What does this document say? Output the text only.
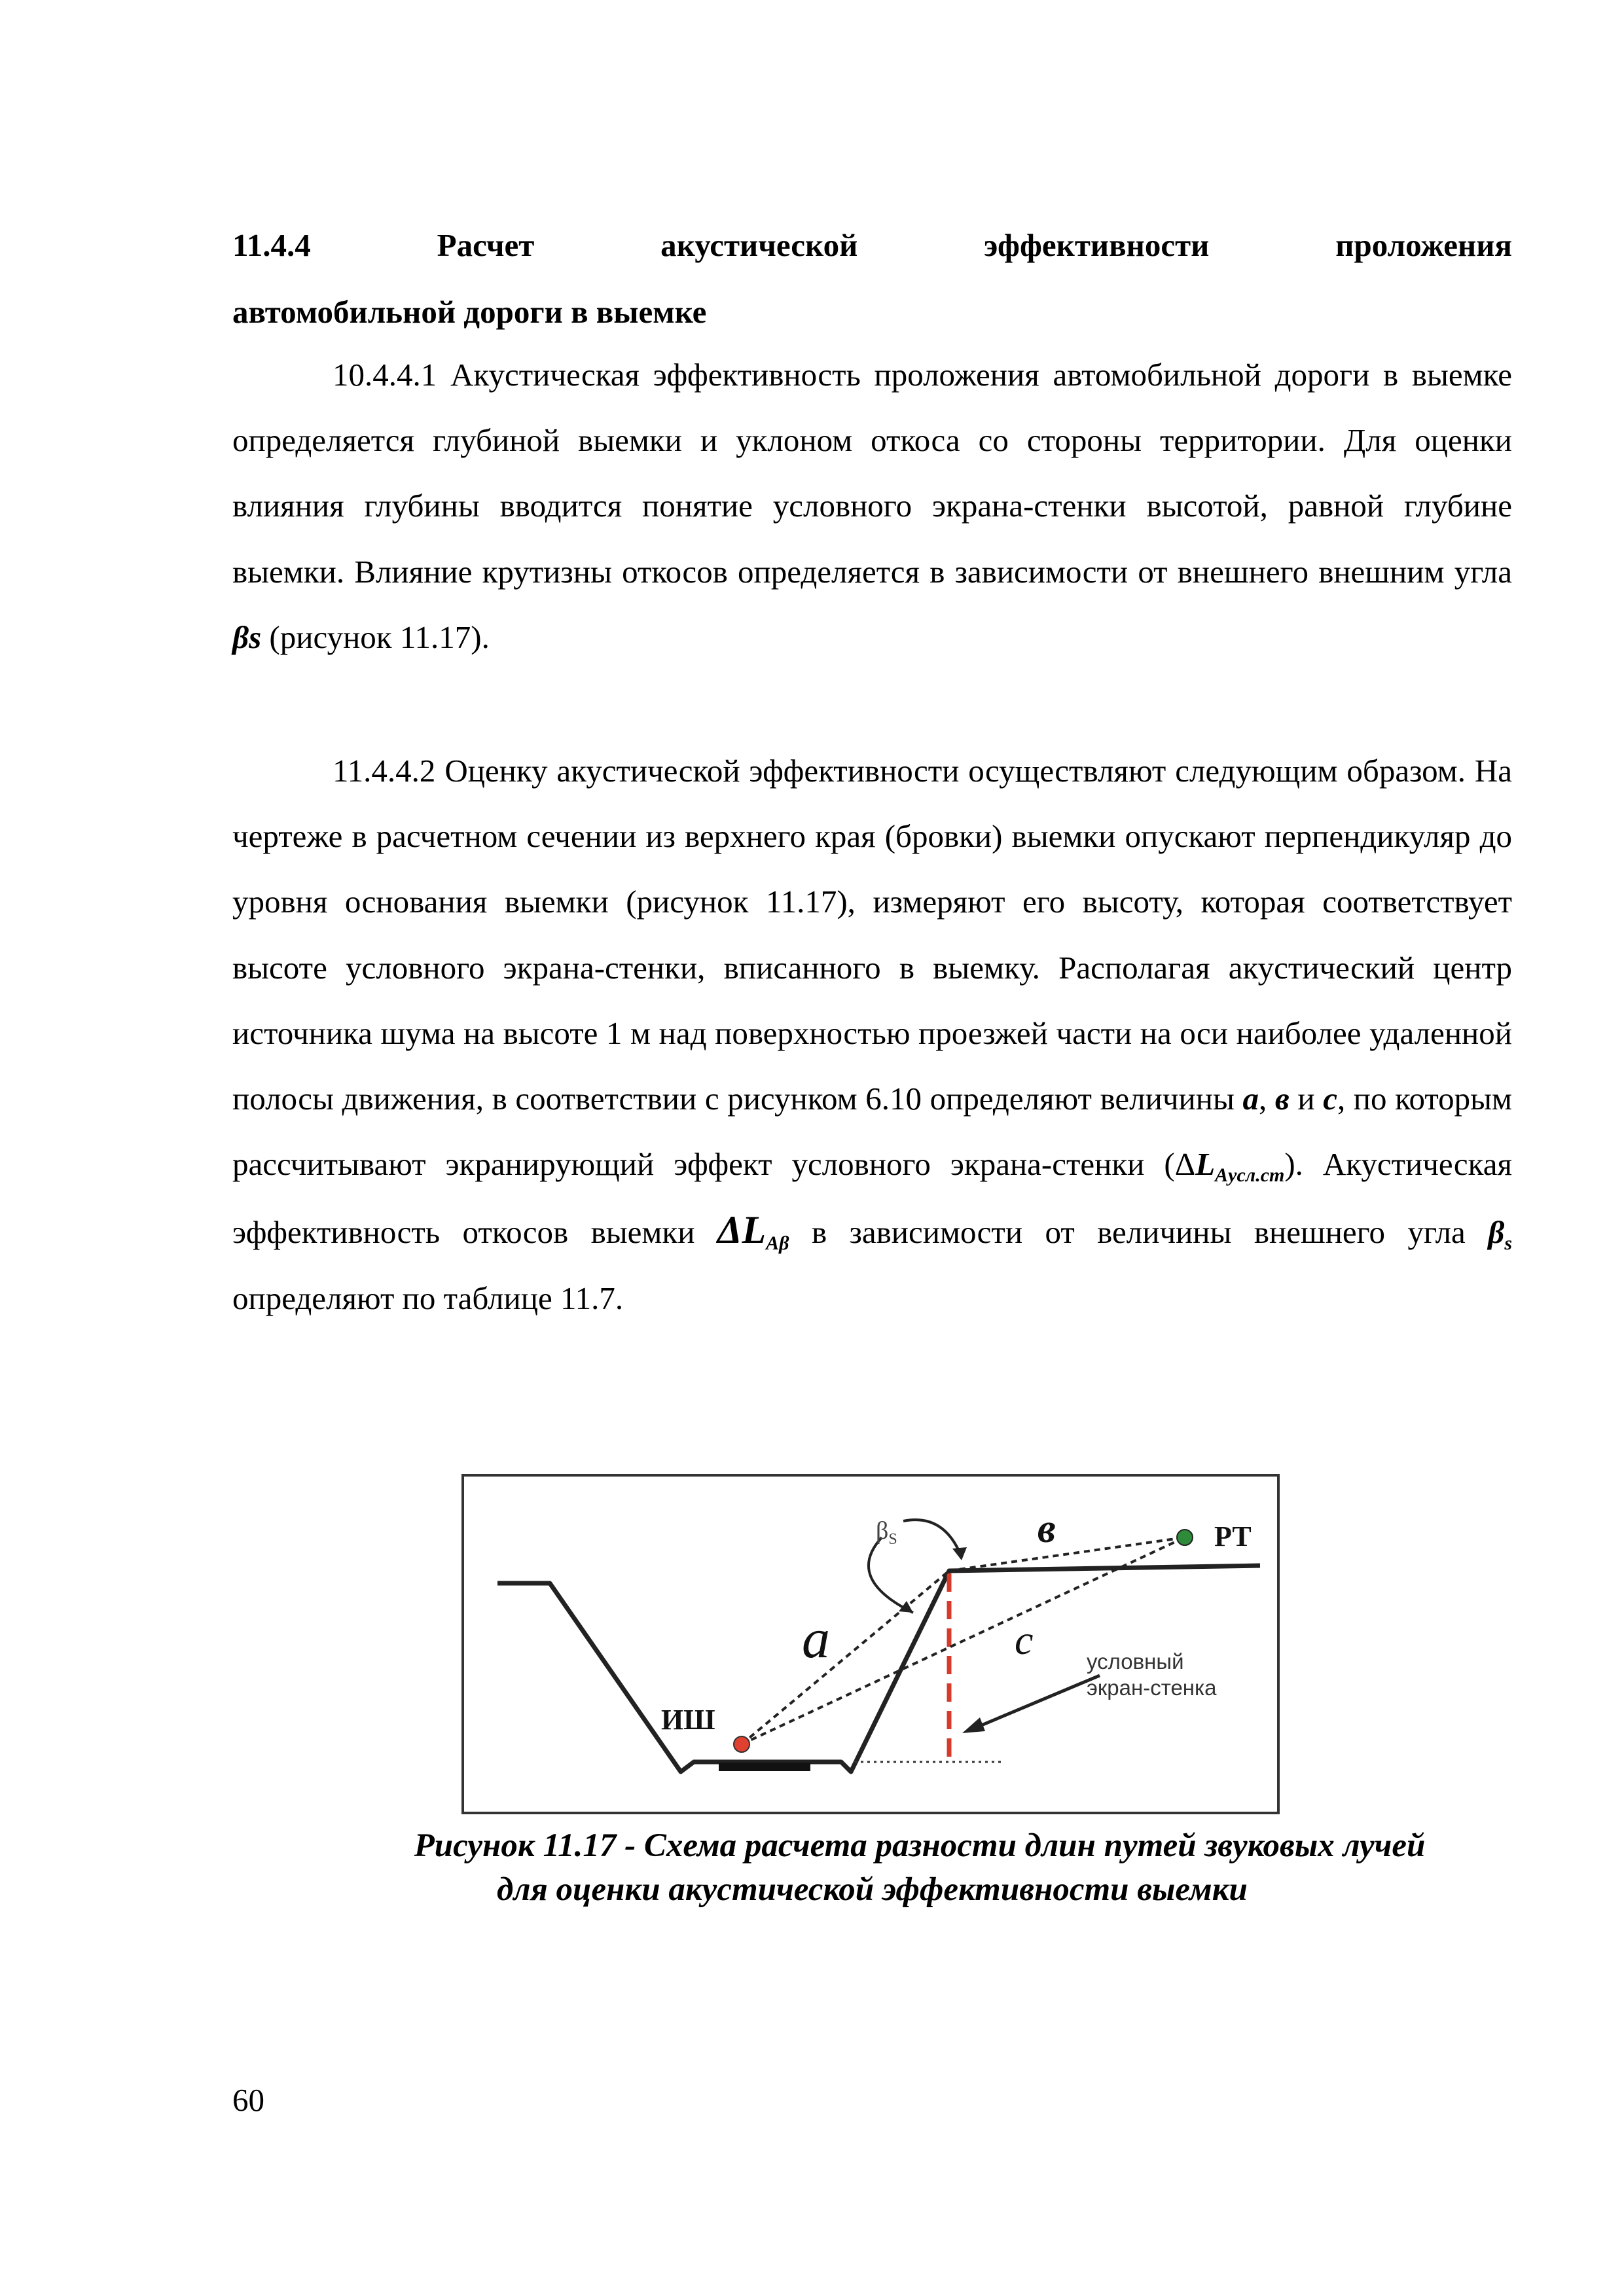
11.4.4	Расчет	акустической	эффективности	проложения
автомобильной дороги в выемке

10.4.4.1 Акустическая эффективность проложения автомобильной дороги в выемке определяется глубиной выемки и уклоном откоса со стороны территории. Для оценки влияния глубины вводится понятие условного экрана-стенки высотой, равной глубине выемки. Влияние крутизны откосов определяется в зависимости от внешнего внешним угла βs (рисунок 11.17).

11.4.4.2 Оценку акустической эффективности осуществляют следующим образом. На чертеже в расчетном сечении из верхнего края (бровки) выемки опускают перпендикуляр до уровня основания выемки (рисунок 11.17), измеряют его высоту, которая соответствует высоте условного экрана-стенки, вписанного в выемку. Располагая акустический центр источника шума на высоте 1 м над поверхностью проезжей части на оси наиболее удаленной полосы движения, в соответствии с рисунком 6.10 определяют величины а, в и с, по которым рассчитывают экранирующий эффект условного экрана-стенки $(\Delta L_{Aусл.ст})$. Акустическая эффективность откосов выемки $\Delta L_{A\beta}$ в зависимости от величины внешнего угла $\beta_s$ определяют по таблице 11.7.

$\beta_S$	в	РТ
a	c
ИШ
условный
экран-стенка
Рисунок 11.17 - Схема расчета разности длин путей звуковых лучей
для оценки акустической эффективности выемки
60
